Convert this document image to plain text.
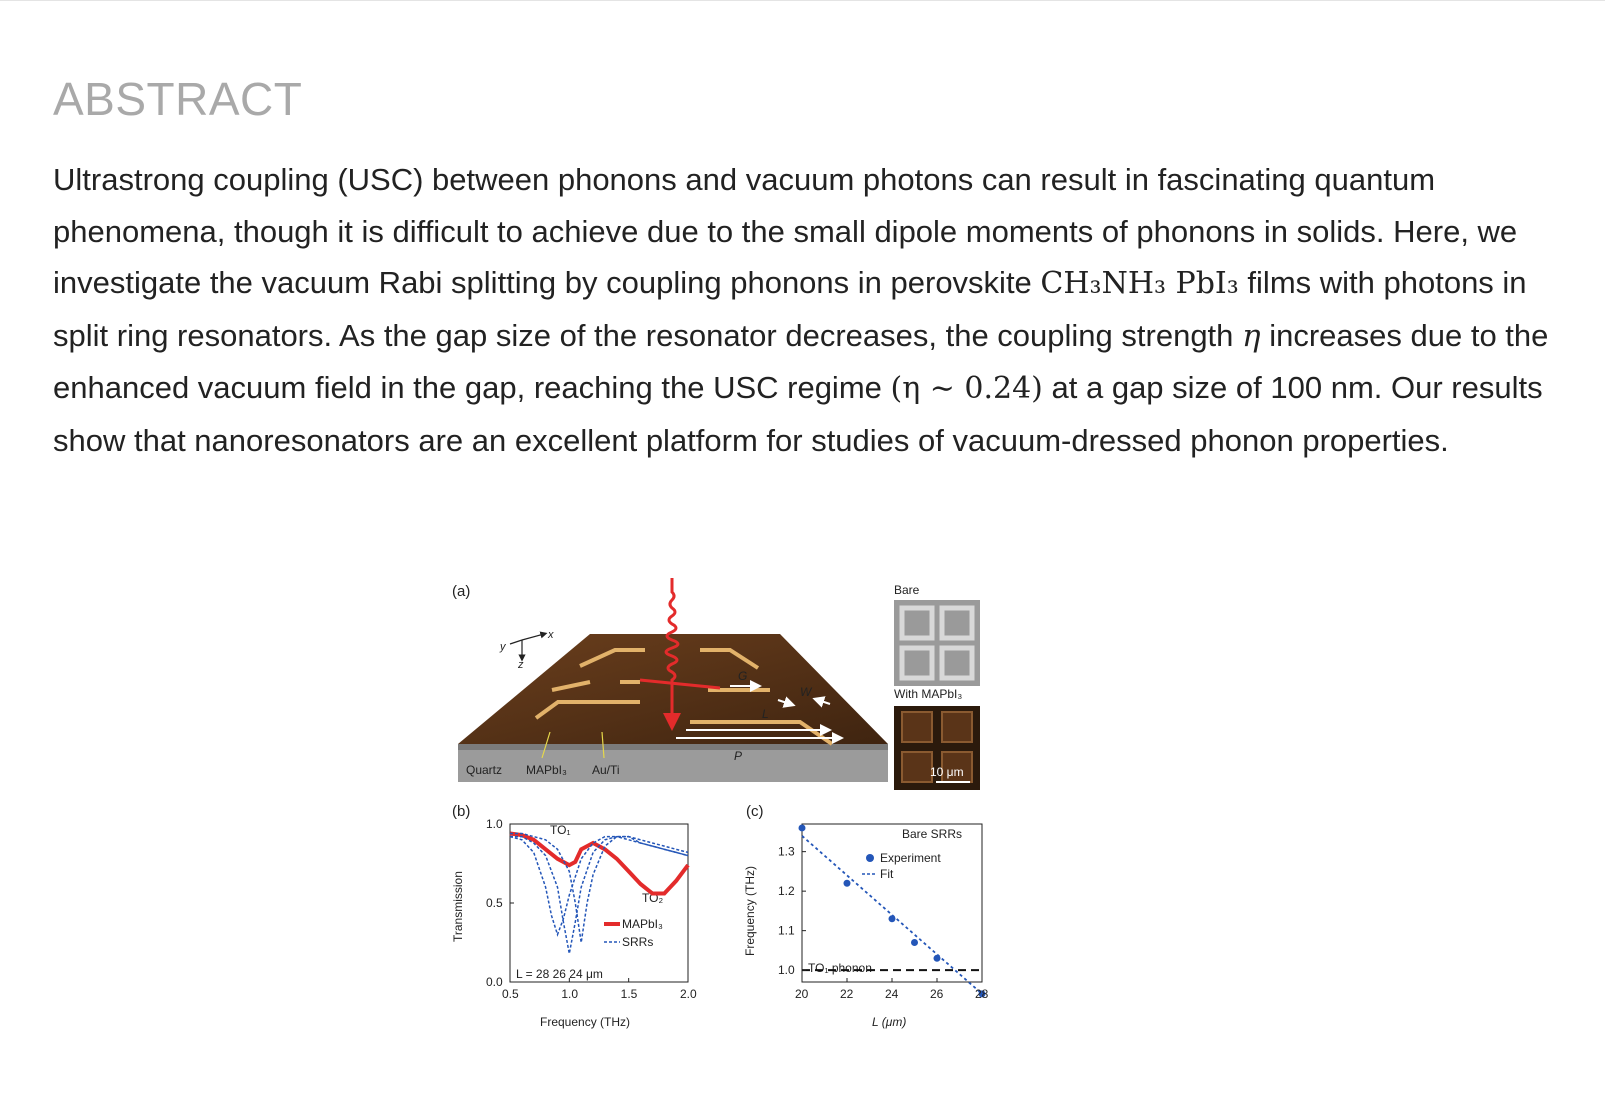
ABSTRACT

Ultrastrong coupling (USC) between phonons and vacuum photons can result in fascinating quantum phenomena, though it is difficult to achieve due to the small dipole moments of phonons in solids. Here, we investigate the vacuum Rabi splitting by coupling phonons in perovskite CH₃NH₃ PbI₃ films with photons in split ring resonators. As the gap size of the resonator decreases, the coupling strength η increases due to the enhanced vacuum field in the gap, reaching the USC regime (η ∼ 0.24) at a gap size of 100 nm. Our results show that nanoresonators are an excellent platform for studies of vacuum-dressed phonon properties.

(a)
x
y
z
G
W
L
P
Quartz MAPbI₃ Au/Ti
Bare
With MAPbI₃
10 μm
(b)
Transmission
Frequency (THz)
TO₁
TO₂
MAPbI₃
SRRs
L = 28 26 24 μm
0.5	1.0	1.5	2.0
1.0
0.5
0.0
(c)
Frequency (THz)
L (μm)
Bare SRRs
Experiment
Fit
TO₁ phonon
20	22	24	26	28
1.3
1.2
1.1
1.0
